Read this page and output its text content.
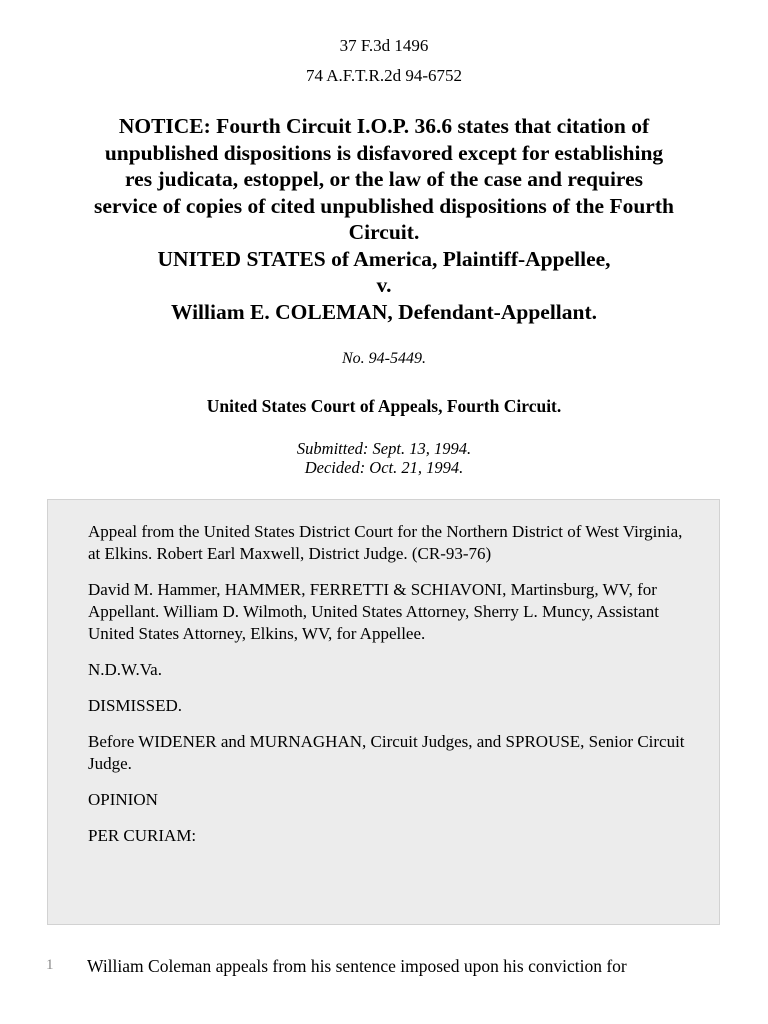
37 F.3d 1496
74 A.F.T.R.2d 94-6752
NOTICE: Fourth Circuit I.O.P. 36.6 states that citation of
unpublished dispositions is disfavored except for establishing
res judicata, estoppel, or the law of the case and requires
service of copies of cited unpublished dispositions of the Fourth
Circuit.
UNITED STATES of America, Plaintiff-Appellee,
v.
William E. COLEMAN, Defendant-Appellant.
No. 94-5449.
United States Court of Appeals, Fourth Circuit.
Submitted: Sept. 13, 1994.
Decided: Oct. 21, 1994.

Appeal from the United States District Court for the Northern District of West Virginia, at Elkins. Robert Earl Maxwell, District Judge. (CR-93-76)

David M. Hammer, HAMMER, FERRETTI & SCHIAVONI, Martinsburg, WV, for Appellant. William D. Wilmoth, United States Attorney, Sherry L. Muncy, Assistant United States Attorney, Elkins, WV, for Appellee.

N.D.W.Va.

DISMISSED.

Before WIDENER and MURNAGHAN, Circuit Judges, and SPROUSE, Senior Circuit Judge.

OPINION

PER CURIAM:

1 William Coleman appeals from his sentence imposed upon his conviction for
